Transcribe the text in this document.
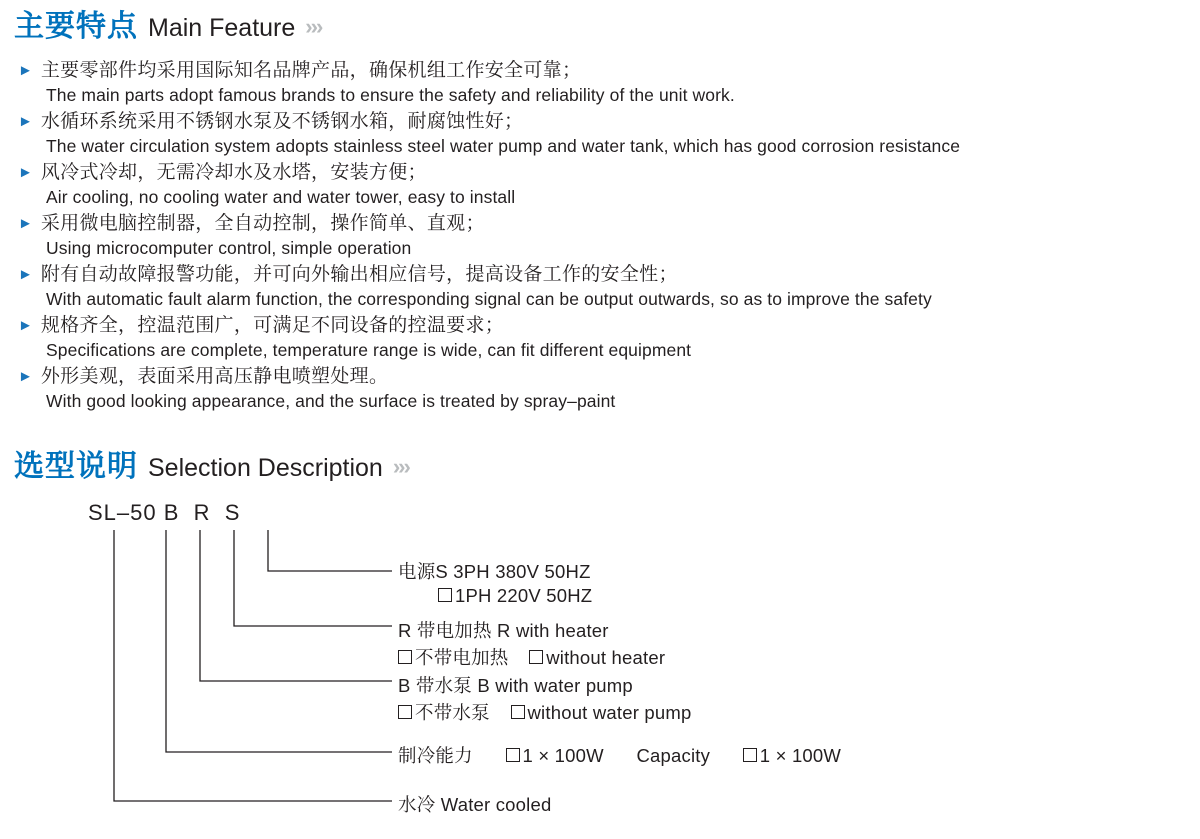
主要特点 Main Feature ›››
► 主要零部件均采用国际知名品牌产品，确保机组工作安全可靠；
The main parts adopt famous brands to ensure the safety and reliability of the unit work.
► 水循环系统采用不锈钢水泵及不锈钢水箱，耐腐蚀性好；
The water circulation system adopts stainless steel water pump and water tank, which has good corrosion resistance
► 风冷式冷却，无需冷却水及水塔，安装方便；
Air cooling, no cooling water and water tower, easy to install
► 采用微电脑控制器，全自动控制，操作简单、直观；
Using microcomputer control, simple operation
► 附有自动故障报警功能，并可向外输出相应信号，提高设备工作的安全性；
With automatic fault alarm function, the corresponding signal can be output outwards, so as to improve the safety
► 规格齐全，控温范围广，可满足不同设备的控温要求；
Specifications are complete, temperature range is wide, can fit different equipment
► 外形美观，表面采用高压静电喷塑处理。
With good looking appearance, and the surface is treated by spray–paint
选型说明 Selection Description ›››
SL–50 B  R  S
电源S 3PH 380V 50HZ
1PH 220V 50HZ
R 带电加热 R with heater
不带电加热 without heater
B 带水泵 B with water pump
不带水泵 without water pump
制冷能力	1 × 100W Capacity	1 × 100W
水冷 Water cooled
